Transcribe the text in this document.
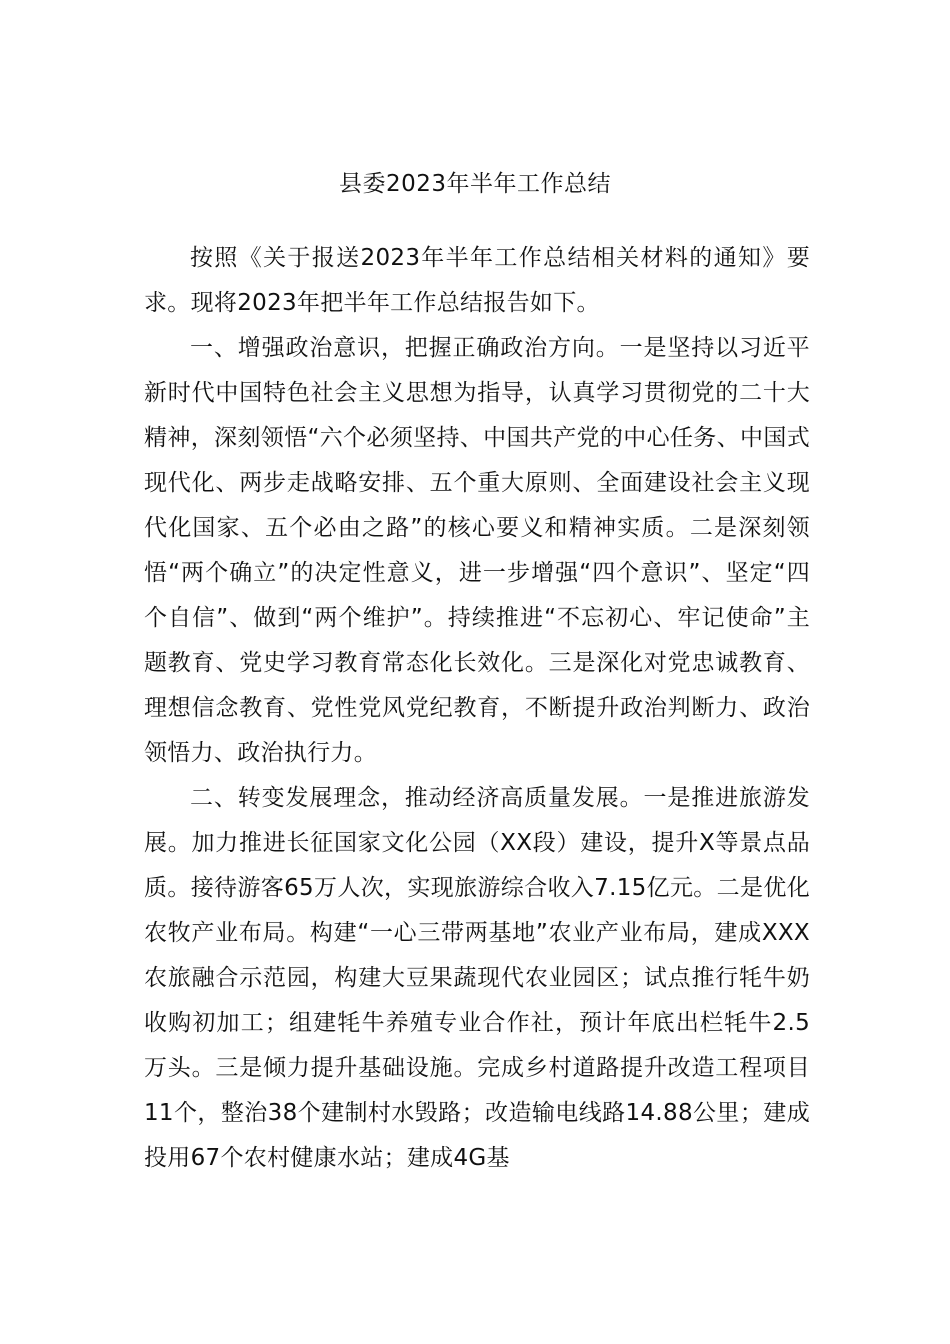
县委2023年半年工作总结

按照《关于报送2023年半年工作总结相关材料的通知》要求。现将2023年把半年工作总结报告如下。

一、增强政治意识，把握正确政治方向。一是坚持以习近平新时代中国特色社会主义思想为指导，认真学习贯彻党的二十大精神，深刻领悟“六个必须坚持、中国共产党的中心任务、中国式现代化、两步走战略安排、五个重大原则、全面建设社会主义现代化国家、五个必由之路”的核心要义和精神实质。二是深刻领悟“两个确立”的决定性意义，进一步增强“四个意识”、坚定“四个自信”、做到“两个维护”。持续推进“不忘初心、牢记使命”主题教育、党史学习教育常态化长效化。三是深化对党忠诚教育、理想信念教育、党性党风党纪教育，不断提升政治判断力、政治领悟力、政治执行力。

二、转变发展理念，推动经济高质量发展。一是推进旅游发展。加力推进长征国家文化公园（XX段）建设，提升X等景点品质。接待游客65万人次，实现旅游综合收入7.15亿元。二是优化农牧产业布局。构建“一心三带两基地”农业产业布局，建成XXX农旅融合示范园，构建大豆果蔬现代农业园区；试点推行牦牛奶收购初加工；组建牦牛养殖专业合作社，预计年底出栏牦牛2.5万头。三是倾力提升基础设施。完成乡村道路提升改造工程项目11个，整治38个建制村水毁路；改造输电线路14.88公里；建成投用67个农村健康水站；建成4G基
